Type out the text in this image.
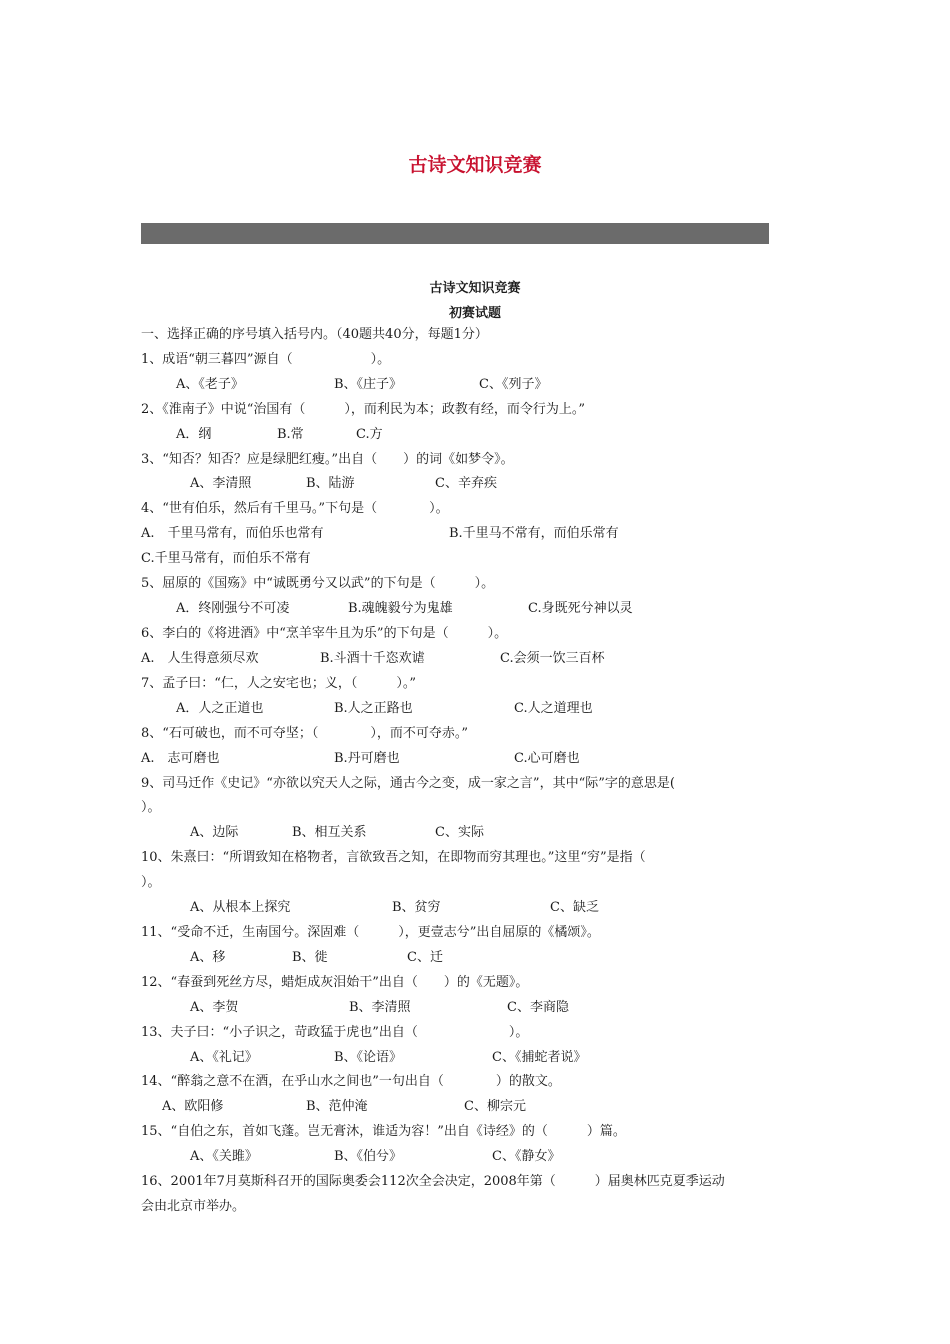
古诗文知识竞赛
古诗文知识竞赛
初赛试题
一、选择正确的序号填入括号内。（40题共40分，每题1分）
1、成语“朝三暮四”源自（　　　　　　）。
A、《老子》	B、《庄子》	C、《列子》
2、《淮南子》中说“治国有（　　　），而利民为本；政教有经，而令行为上。”
A．纲	B.常	C.方
3、“知否？知否？应是绿肥红瘦。”出自（　　）的词《如梦令》。
A、李清照	B、陆游	C、辛弃疾
4、“世有伯乐，然后有千里马。”下句是（　　　　）。
A.　千里马常有，而伯乐也常有	B.千里马不常有，而伯乐常有
C.千里马常有，而伯乐不常有
5、屈原的《国殇》中“诚既勇兮又以武”的下句是（　　　）。
A．终刚强兮不可凌	B.魂魄毅兮为鬼雄	C.身既死兮神以灵
6、李白的《将进酒》中“烹羊宰牛且为乐”的下句是（　　　）。
A.　人生得意须尽欢	B.斗酒十千恣欢谑	C.会须一饮三百杯
7、孟子曰：“仁，人之安宅也；义，（　　　）。”
A．人之正道也	B.人之正路也	C.人之道理也
8、“石可破也，而不可夺坚；（　　　　），而不可夺赤。”
A.　志可磨也	B.丹可磨也	C.心可磨也
9、司马迁作《史记》“亦欲以究天人之际，通古今之变，成一家之言”，其中“际”字的意思是(
）。
A、边际	B、相互关系	C、实际
10、朱熹曰：“所谓致知在格物者，言欲致吾之知，在即物而穷其理也。”这里“穷”是指（
）。
A、从根本上探究	B、贫穷	C、缺乏
11、“受命不迁，生南国兮。深固难（　　　），更壹志兮”出自屈原的《橘颂》。
A、移	B、徙	C、迁
12、“春蚕到死丝方尽，蜡炬成灰泪始干”出自（　　）的《无题》。
A、李贺	B、李清照	C、李商隐
13、夫子曰：“小子识之，苛政猛于虎也”出自（　　　　　　　）。
A、《礼记》	B、《论语》	C、《捕蛇者说》
14、“醉翁之意不在酒，在乎山水之间也”一句出自（　　　　）的散文。
A、欧阳修	B、范仲淹	C、柳宗元
15、“自伯之东，首如飞蓬。岂无膏沐，谁适为容！”出自《诗经》的（　　　）篇。
A、《关雎》	B、《伯兮》	C、《静女》
16、2001年7月莫斯科召开的国际奥委会112次全会决定，2008年第（　　　）届奥林匹克夏季运动
会由北京市举办。
